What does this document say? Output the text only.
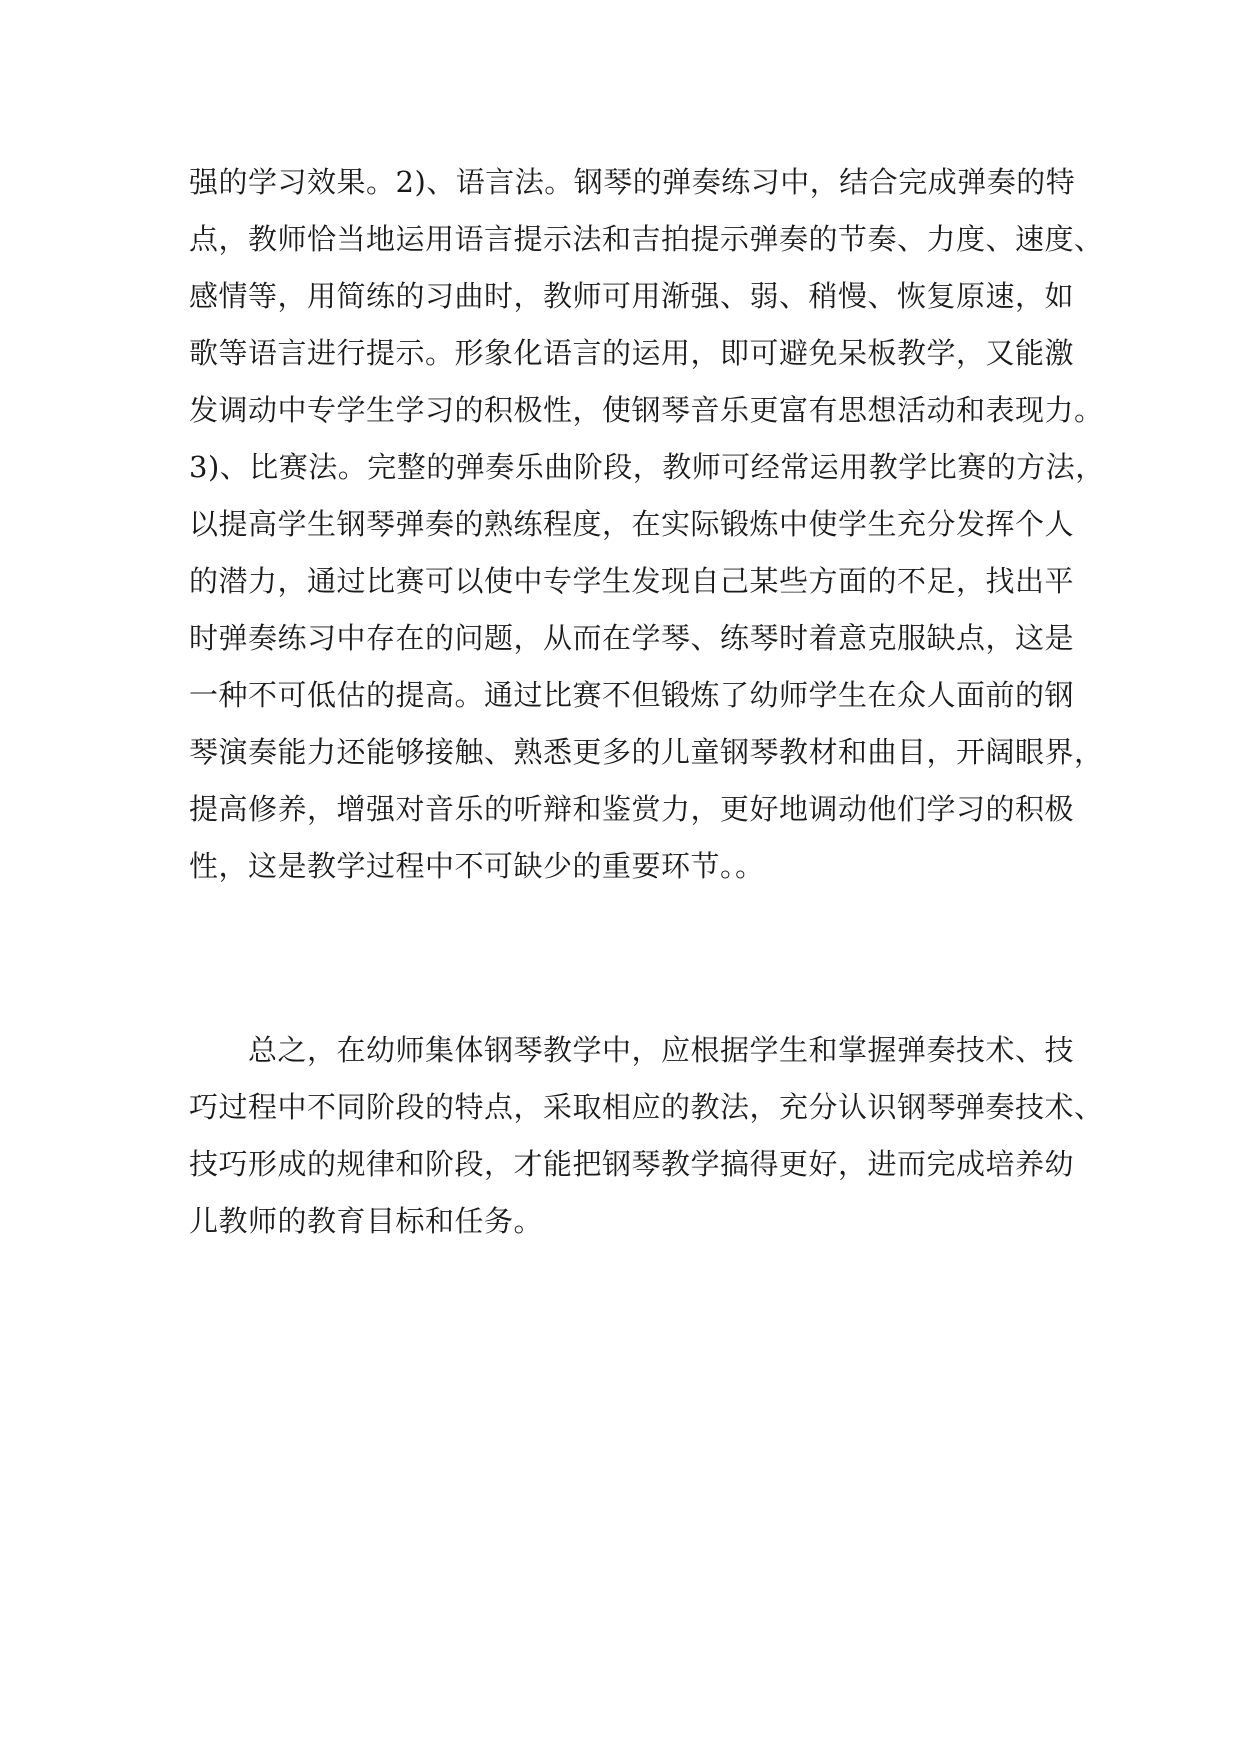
强的学习效果。2)、语言法。钢琴的弹奏练习中，结合完成弹奏的特
点，教师恰当地运用语言提示法和吉拍提示弹奏的节奏、力度、速度、
感情等，用简练的习曲时，教师可用渐强、弱、稍慢、恢复原速，如
歌等语言进行提示。形象化语言的运用，即可避免呆板教学，又能激
发调动中专学生学习的积极性，使钢琴音乐更富有思想活动和表现力。
3)、比赛法。完整的弹奏乐曲阶段，教师可经常运用教学比赛的方法，
以提高学生钢琴弹奏的熟练程度，在实际锻炼中使学生充分发挥个人
的潜力，通过比赛可以使中专学生发现自己某些方面的不足，找出平
时弹奏练习中存在的问题，从而在学琴、练琴时着意克服缺点，这是
一种不可低估的提高。通过比赛不但锻炼了幼师学生在众人面前的钢
琴演奏能力还能够接触、熟悉更多的儿童钢琴教材和曲目，开阔眼界，
提高修养，增强对音乐的听辩和鉴赏力，更好地调动他们学习的积极
性，这是教学过程中不可缺少的重要环节。。
　　总之，在幼师集体钢琴教学中，应根据学生和掌握弹奏技术、技
巧过程中不同阶段的特点，采取相应的教法，充分认识钢琴弹奏技术、
技巧形成的规律和阶段，才能把钢琴教学搞得更好，进而完成培养幼
儿教师的教育目标和任务。
